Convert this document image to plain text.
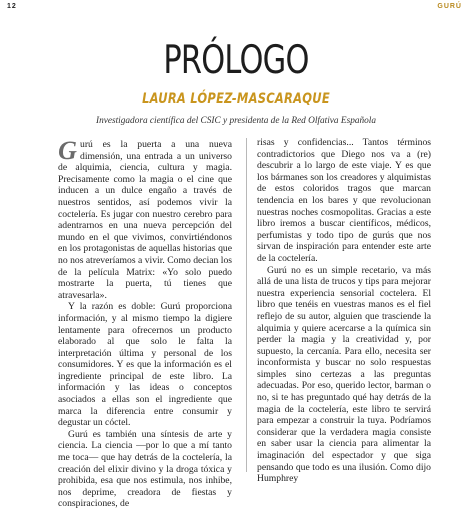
12	GURÚ
PRÓLOGO
LAURA LÓPEZ-MASCARAQUE
Investigadora científica del CSIC y presidenta de la Red Olfativa Española

Gurú es la puerta a una nueva dimensión, una entrada a un universo de alquimia, ciencia, cultura y magia. Precisamente como la magia o el cine que inducen a un dulce engaño a través de nuestros sentidos, así podemos vivir la coctelería. Es jugar con nuestro cerebro para adentrarnos en una nueva percepción del mundo en el que vivimos, convirtiéndonos en los protagonistas de aquellas historias que no nos atreveríamos a vivir. Como decian los de la película Matrix: «Yo solo puedo mostrarte la puerta, tú tienes que atravesarla».

Y la razón es doble: Gurú proporciona información, y al mismo tiempo la digiere lentamente para ofrecernos un producto elaborado al que solo le falta la interpretación última y personal de los consumidores. Y es que la información es el ingrediente principal de este libro. La información y las ideas o conceptos asociados a ellas son el ingrediente que marca la diferencia entre consumir y degustar un cóctel.

Gurú es también una síntesis de arte y ciencia. La ciencia —por lo que a mí tanto me toca— que hay detrás de la coctelería, la creación del elixir divino y la droga tóxica y prohibida, esa que nos estimula, nos inhibe, nos deprime, creadora de fiestas y conspiraciones, de

risas y confidencias... Tantos términos contradictorios que Diego nos va a (re) descubrir a lo largo de este viaje. Y es que los bármanes son los creadores y alquimistas de estos coloridos tragos que marcan tendencia en los bares y que revolucionan nuestras noches cosmopolitas. Gracias a este libro iremos a buscar científicos, médicos, perfumistas y todo tipo de gurús que nos sirvan de inspiración para entender este arte de la coctelería.

Gurú no es un simple recetario, va más allá de una lista de trucos y tips para mejorar nuestra experiencia sensorial coctelera. El libro que tenéis en vuestras manos es el fiel reflejo de su autor, alguien que trasciende la alquimia y quiere acercarse a la química sin perder la magia y la creatividad y, por supuesto, la cercanía. Para ello, necesita ser inconformista y buscar no solo respuestas simples sino certezas a las preguntas adecuadas. Por eso, querido lector, barman o no, si te has preguntado qué hay detrás de la magia de la coctelería, este libro te servirá para empezar a construir la tuya. Podríamos considerar que la verdadera magia consiste en saber usar la ciencia para alimentar la imaginación del espectador y que siga pensando que todo es una ilusión. Como dijo Humphrey
